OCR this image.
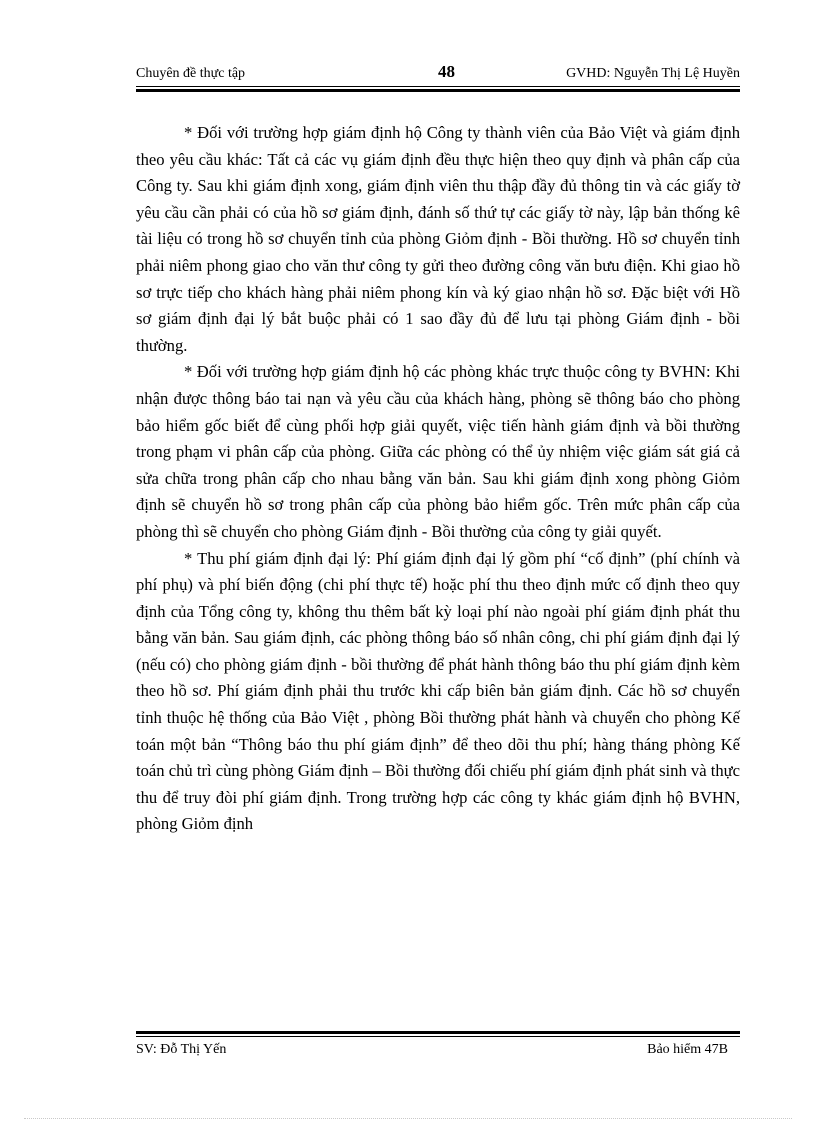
Chuyên đề thực tập	48	GVHD: Nguyễn Thị Lệ Huyền

* Đối với trường hợp giám định hộ Công ty thành viên của Bảo Việt và giám định theo yêu cầu khác: Tất cả các vụ giám định đều thực hiện theo quy định và phân cấp của Công ty. Sau khi giám định xong, giám định viên thu thập đầy đủ thông tin và các giấy tờ yêu cầu cần phải có của hồ sơ giám định, đánh số thứ tự các giấy tờ này, lập bản thống kê tài liệu có trong hồ sơ chuyển tỉnh của phòng Giỏm định - Bồi thường. Hồ sơ chuyển tỉnh phải niêm phong giao cho văn thư công ty gửi theo đường công văn bưu điện. Khi giao hồ sơ trực tiếp cho khách hàng phải niêm phong kín và ký giao nhận hồ sơ. Đặc biệt với Hồ sơ giám định đại lý bắt buộc phải có 1 sao đầy đủ để lưu tại phòng Giám định - bồi thường.

* Đối với trường hợp giám định hộ các phòng khác trực thuộc công ty BVHN: Khi nhận được thông báo tai nạn và yêu cầu của khách hàng, phòng sẽ thông báo cho phòng bảo hiểm gốc biết để cùng phối hợp giải quyết, việc tiến hành giám định và bồi thường trong phạm vi phân cấp của phòng. Giữa các phòng có thể ủy nhiệm việc giám sát giá cả sửa chữa trong phân cấp cho nhau bằng văn bản. Sau khi giám định xong phòng Giỏm định sẽ chuyển hồ sơ trong phân cấp của phòng bảo hiểm gốc. Trên mức phân cấp của phòng thì sẽ chuyển cho phòng Giám định - Bồi thường của công ty giải quyết.

* Thu phí giám định đại lý: Phí giám định đại lý gồm phí “cố định” (phí chính và phí phụ) và phí biến động (chi phí thực tế) hoặc phí thu theo định mức cố định theo quy định của Tổng công ty, không thu thêm bất kỳ loại phí nào ngoài phí giám định phát thu bằng văn bản. Sau giám định, các phòng thông báo số nhân công, chi phí giám định đại lý (nếu có) cho phòng giám định - bồi thường để phát hành thông báo thu phí giám định kèm theo hồ sơ. Phí giám định phải thu trước khi cấp biên bản giám định. Các hồ sơ chuyển tỉnh thuộc hệ thống của Bảo Việt , phòng Bồi thường phát hành và chuyển cho phòng Kế toán một bản “Thông báo thu phí giám định” để theo dõi thu phí; hàng tháng phòng Kế toán chủ trì cùng phòng Giám định – Bồi thường đối chiếu phí giám định phát sinh và thực thu để truy đòi phí giám định. Trong trường hợp các công ty khác giám định hộ BVHN, phòng Giỏm định

SV: Đỗ Thị Yến	Bảo hiểm 47B
